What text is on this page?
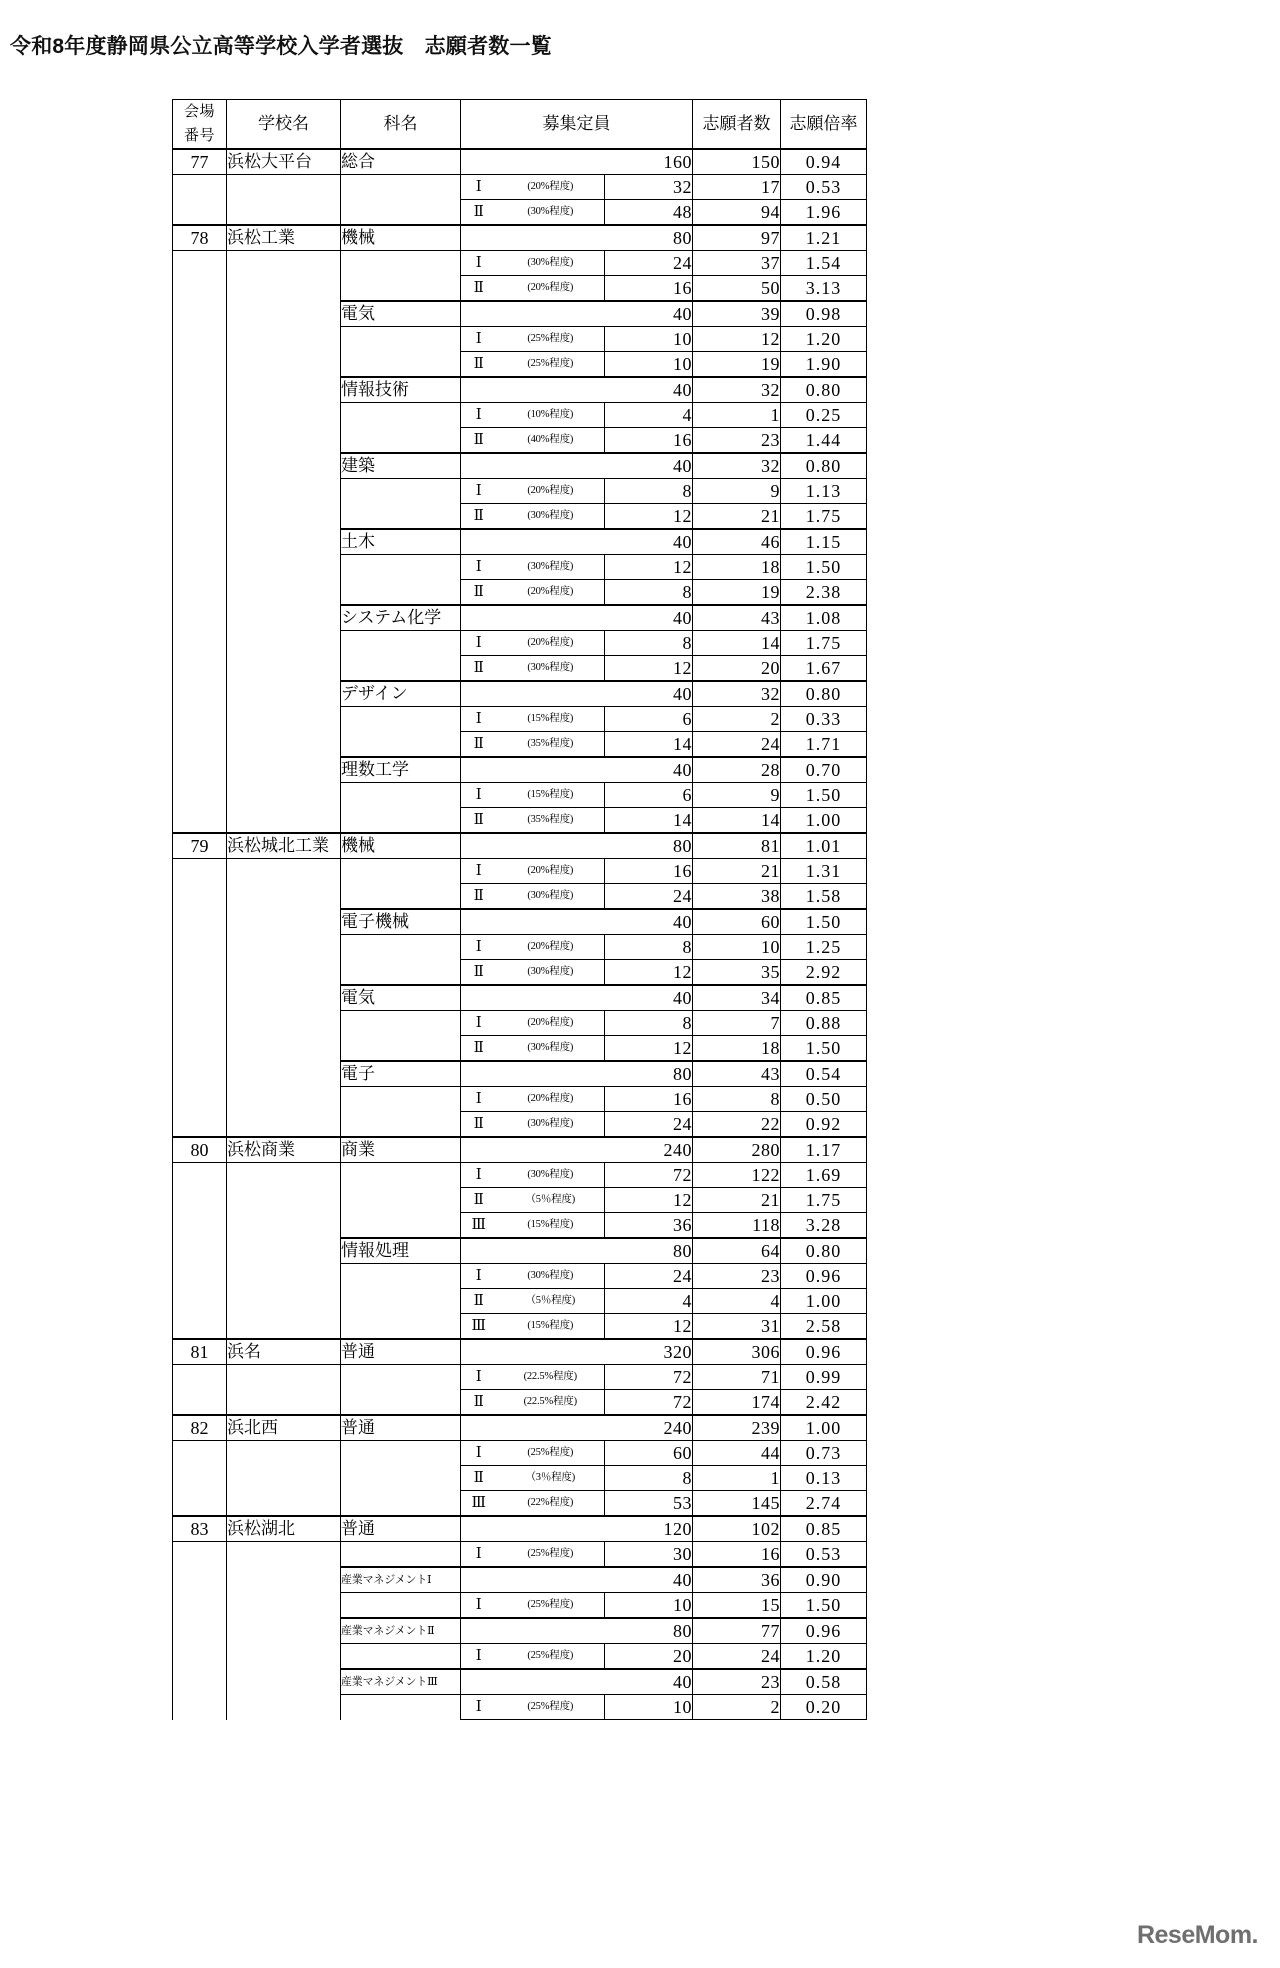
令和8年度静岡県公立高等学校入学者選抜　志願者数一覧
会場
番号	学校名	科名	募集定員			志願者数	志願倍率
77	浜松大平台	総合	160			150	0.94
			Ⅰ	(20%程度)	32	17	0.53
			Ⅱ	(30%程度)	48	94	1.96
78	浜松工業	機械	80			97	1.21
			Ⅰ	(30%程度)	24	37	1.54
			Ⅱ	(20%程度)	16	50	3.13
		電気	40			39	0.98
			Ⅰ	(25%程度)	10	12	1.20
			Ⅱ	(25%程度)	10	19	1.90
		情報技術	40			32	0.80
			Ⅰ	(10%程度)	4	1	0.25
			Ⅱ	(40%程度)	16	23	1.44
		建築	40			32	0.80
			Ⅰ	(20%程度)	8	9	1.13
			Ⅱ	(30%程度)	12	21	1.75
		土木	40			46	1.15
			Ⅰ	(30%程度)	12	18	1.50
			Ⅱ	(20%程度)	8	19	2.38
		システム化学	40			43	1.08
			Ⅰ	(20%程度)	8	14	1.75
			Ⅱ	(30%程度)	12	20	1.67
		デザイン	40			32	0.80
			Ⅰ	(15%程度)	6	2	0.33
			Ⅱ	(35%程度)	14	24	1.71
		理数工学	40			28	0.70
			Ⅰ	(15%程度)	6	9	1.50
			Ⅱ	(35%程度)	14	14	1.00
79	浜松城北工業	機械	80			81	1.01
			Ⅰ	(20%程度)	16	21	1.31
			Ⅱ	(30%程度)	24	38	1.58
		電子機械	40			60	1.50
			Ⅰ	(20%程度)	8	10	1.25
			Ⅱ	(30%程度)	12	35	2.92
		電気	40			34	0.85
			Ⅰ	(20%程度)	8	7	0.88
			Ⅱ	(30%程度)	12	18	1.50
		電子	80			43	0.54
			Ⅰ	(20%程度)	16	8	0.50
			Ⅱ	(30%程度)	24	22	0.92
80	浜松商業	商業	240			280	1.17
			Ⅰ	(30%程度)	72	122	1.69
			Ⅱ	（5％程度)	12	21	1.75
			Ⅲ	(15%程度)	36	118	3.28
		情報処理	80			64	0.80
			Ⅰ	(30%程度)	24	23	0.96
			Ⅱ	（5％程度)	4	4	1.00
			Ⅲ	(15%程度)	12	31	2.58
81	浜名	普通	320			306	0.96
			Ⅰ	(22.5%程度)	72	71	0.99
			Ⅱ	(22.5%程度)	72	174	2.42
82	浜北西	普通	240			239	1.00
			Ⅰ	(25%程度)	60	44	0.73
			Ⅱ	（3％程度)	8	1	0.13
			Ⅲ	(22%程度)	53	145	2.74
83	浜松湖北	普通	120			102	0.85
			Ⅰ	(25%程度)	30	16	0.53
		産業マネジメントⅠ	40			36	0.90
			Ⅰ	(25%程度)	10	15	1.50
		産業マネジメントⅡ	80			77	0.96
			Ⅰ	(25%程度)	20	24	1.20
		産業マネジメントⅢ	40			23	0.58
			Ⅰ	(25%程度)	10	2	0.20
ReseMom.
